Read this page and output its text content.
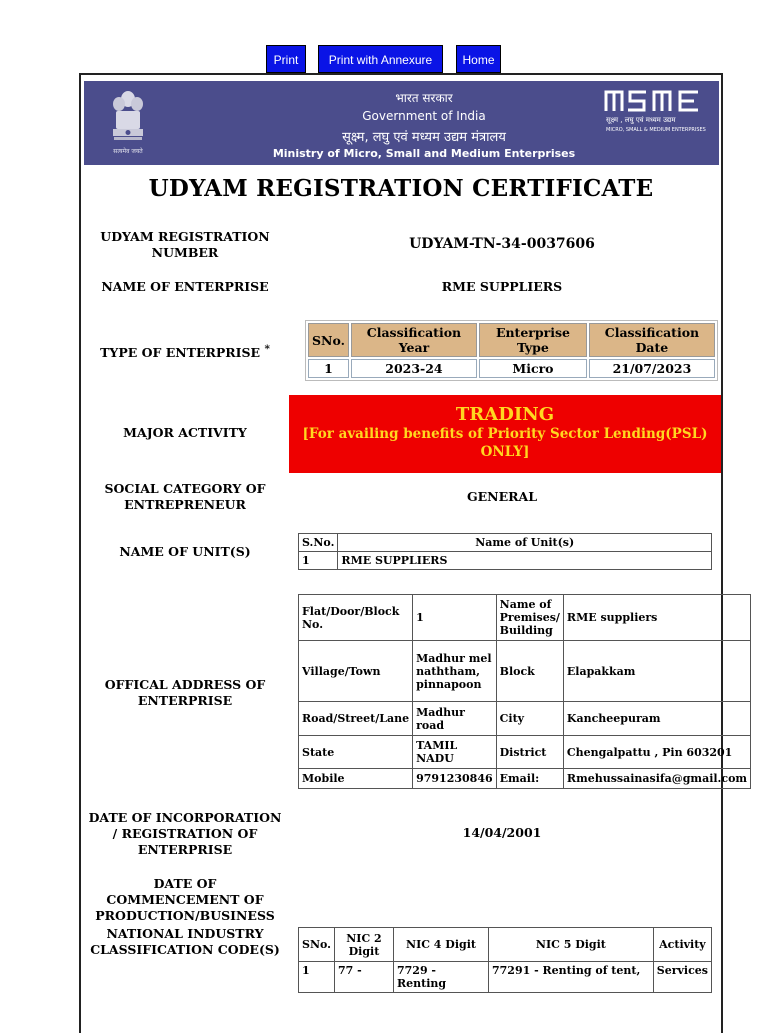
Print	Print with Annexure	Home
सत्यमेव जयते
भारत सरकार
Government of India
सूक्ष्म, लघु एवं मध्यम उद्यम मंत्रालय
Ministry of Micro, Small and Medium Enterprises
सूक्ष्म , लघु एवं मध्यम उद्यम
MICRO, SMALL & MEDIUM ENTERPRISES
UDYAM REGISTRATION CERTIFICATE
UDYAM REGISTRATION NUMBER
UDYAM-TN-34-0037606
NAME OF ENTERPRISE	RME SUPPLIERS
TYPE OF ENTERPRISE *
SNo.	Classification Year	Enterprise Type	Classification Date
1	2023-24	Micro	21/07/2023
MAJOR ACTIVITY
TRADING
[For availing benefits of Priority Sector Lending(PSL) ONLY]
SOCIAL CATEGORY OF ENTREPRENEUR
GENERAL
NAME OF UNIT(S)
S.No.	Name of Unit(s)
1	RME SUPPLIERS
OFFICAL ADDRESS OF ENTERPRISE
Flat/Door/Block No.	1	Name of Premises/ Building	RME suppliers
Village/Town	Madhur mel naththam, pinnapoon	Block	Elapakkam
Road/Street/Lane	Madhur road	City	Kancheepuram
State	TAMIL NADU	District	Chengalpattu , Pin 603201
Mobile	9791230846	Email:	Rmehussainasifa@gmail.com
DATE OF INCORPORATION / REGISTRATION OF ENTERPRISE
14/04/2001
DATE OF COMMENCEMENT OF PRODUCTION/BUSINESS
NATIONAL INDUSTRY CLASSIFICATION CODE(S) SNo.	NIC 2 Digit	NIC 4 Digit	NIC 5 Digit	Activity
1	77 -	7729 - Renting	77291 - Renting of tent,	Services
